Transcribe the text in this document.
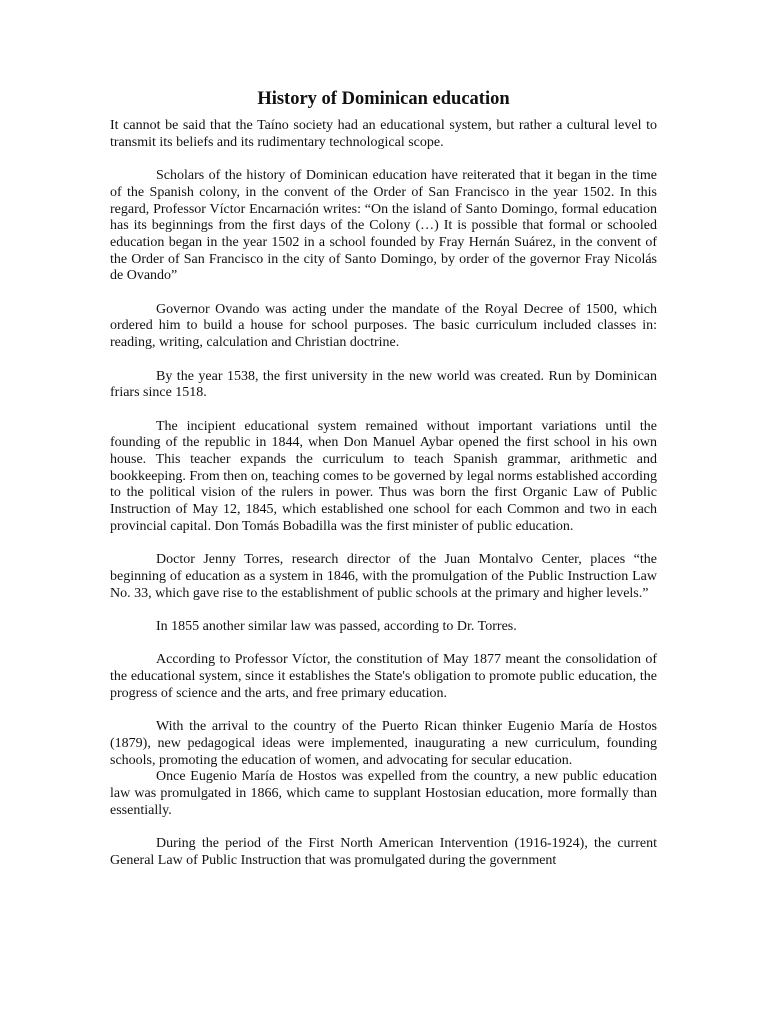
History of Dominican education

It cannot be said that the Taíno society had an educational system, but rather a cultural level to transmit its beliefs and its rudimentary technological scope.

Scholars of the history of Dominican education have reiterated that it began in the time of the Spanish colony, in the convent of the Order of San Francisco in the year 1502. In this regard, Professor Víctor Encarnación writes: “On the island of Santo Domingo, formal education has its beginnings from the first days of the Colony (…) It is possible that formal or schooled education began in the year 1502 in a school founded by Fray Hernán Suárez, in the convent of the Order of San Francisco in the city of Santo Domingo, by order of the governor Fray Nicolás de Ovando”

Governor Ovando was acting under the mandate of the Royal Decree of 1500, which ordered him to build a house for school purposes. The basic curriculum included classes in: reading, writing, calculation and Christian doctrine.

By the year 1538, the first university in the new world was created. Run by Dominican friars since 1518.

The incipient educational system remained without important variations until the founding of the republic in 1844, when Don Manuel Aybar opened the first school in his own house. This teacher expands the curriculum to teach Spanish grammar, arithmetic and bookkeeping. From then on, teaching comes to be governed by legal norms established according to the political vision of the rulers in power. Thus was born the first Organic Law of Public Instruction of May 12, 1845, which established one school for each Common and two in each provincial capital. Don Tomás Bobadilla was the first minister of public education.

Doctor Jenny Torres, research director of the Juan Montalvo Center, places “the beginning of education as a system in 1846, with the promulgation of the Public Instruction Law No. 33, which gave rise to the establishment of public schools at the primary and higher levels.”

In 1855 another similar law was passed, according to Dr. Torres.

According to Professor Víctor, the constitution of May 1877 meant the consolidation of the educational system, since it establishes the State's obligation to promote public education, the progress of science and the arts, and free primary education.

With the arrival to the country of the Puerto Rican thinker Eugenio María de Hostos (1879), new pedagogical ideas were implemented, inaugurating a new curriculum, founding schools, promoting the education of women, and advocating for secular education.

Once Eugenio María de Hostos was expelled from the country, a new public education law was promulgated in 1866, which came to supplant Hostosian education, more formally than essentially.

During the period of the First North American Intervention (1916-1924), the current General Law of Public Instruction that was promulgated during the government
